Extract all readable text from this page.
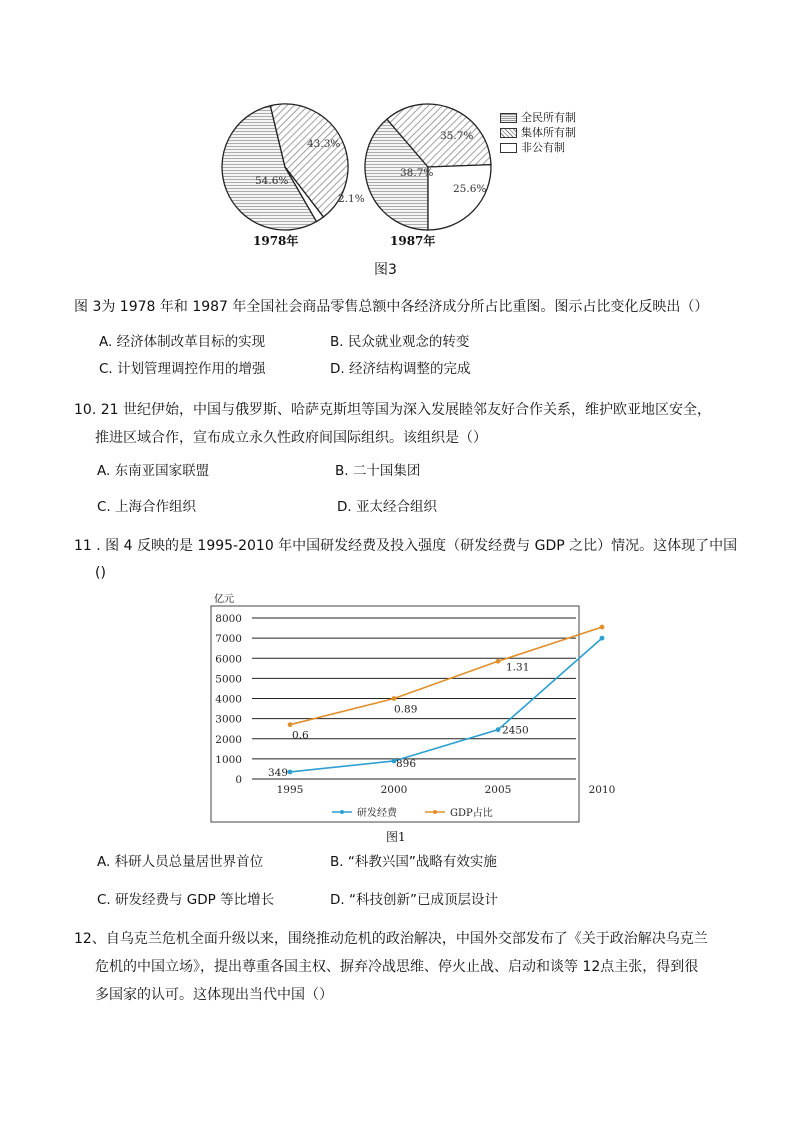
54.6%
43.3%
2.1%
38.7%
35.7%
25.6%
全民所有制
集体所有制
非公有制
1978年	1987年
图3
图 3为 1978 年和 1987 年全国社会商品零售总额中各经济成分所占比重图。图示占比变化反映出（）
A. 经济体制改革目标的实现	B. 民众就业观念的转变
C. 计划管理调控作用的增强	D. 经济结构调整的完成
10. 21 世纪伊始，中国与俄罗斯、哈萨克斯坦等国为深入发展睦邻友好合作关系，维护欧亚地区安全，
推进区域合作，宣布成立永久性政府间国际组织。该组织是（）
A. 东南亚国家联盟	B. 二十国集团
C. 上海合作组织	D. 亚太经合组织
11 . 图 4 反映的是 1995-2010 年中国研发经费及投入强度（研发经费与 GDP 之比）情况。这体现了中国
()
亿元
0
1000
2000
3000
4000
5000
6000
7000
8000
1995	2000	2005	2010
349
896
2450
0.6
0.89
1.31
研发经费	GDP占比
图1
A. 科研人员总量居世界首位	B. “科教兴国”战略有效实施
C. 研发经费与 GDP 等比增长	D. “科技创新”已成顶层设计
12、自乌克兰危机全面升级以来，围绕推动危机的政治解决，中国外交部发布了《关于政治解决乌克兰
危机的中国立场》，提出尊重各国主权、摒弃冷战思维、停火止战、启动和谈等 12点主张，得到很
多国家的认可。这体现出当代中国（）
